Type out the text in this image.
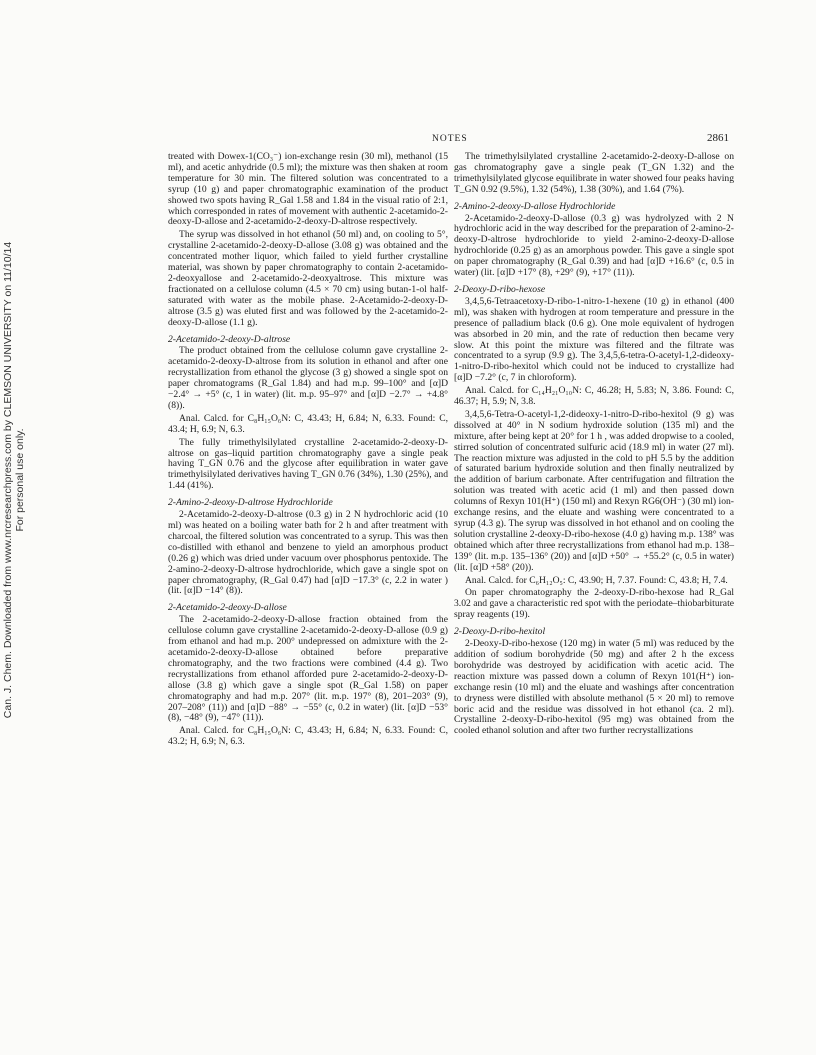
Can. J. Chem. Downloaded from www.nrcresearchpress.com by CLEMSON UNIVERSITY on 11/10/14 For personal use only.
NOTES	2861

treated with Dowex-1(CO₃⁻) ion-exchange resin (30 ml), methanol (15 ml), and acetic anhydride (0.5 ml); the mixture was then shaken at room temperature for 30 min. The filtered solution was concentrated to a syrup (10 g) and paper chromatographic examination of the product showed two spots having R_Gal 1.58 and 1.84 in the visual ratio of 2:1, which corresponded in rates of movement with authentic 2-acetamido-2-deoxy-D-allose and 2-acetamido-2-deoxy-D-altrose respectively.

The syrup was dissolved in hot ethanol (50 ml) and, on cooling to 5°, crystalline 2-acetamido-2-deoxy-D-allose (3.08 g) was obtained and the concentrated mother liquor, which failed to yield further crystalline material, was shown by paper chromatography to contain 2-acetamido-2-deoxyallose and 2-acetamido-2-deoxyaltrose. This mixture was fractionated on a cellulose column (4.5 × 70 cm) using butan-1-ol half-saturated with water as the mobile phase. 2-Acetamido-2-deoxy-D-altrose (3.5 g) was eluted first and was followed by the 2-acetamido-2-deoxy-D-allose (1.1 g).

2-Acetamido-2-deoxy-D-altrose

The product obtained from the cellulose column gave crystalline 2-acetamido-2-deoxy-D-altrose from its solution in ethanol and after one recrystallization from ethanol the glycose (3 g) showed a single spot on paper chromatograms (R_Gal 1.84) and had m.p. 99–100° and [α]D −2.4° → +5° (c, 1 in water) (lit. m.p. 95–97° and [α]D −2.7° → +4.8°(8)).

Anal. Calcd. for C₈H₁₅O₆N: C, 43.43; H, 6.84; N, 6.33. Found: C, 43.4; H, 6.9; N, 6.3.

The fully trimethylsilylated crystalline 2-acetamido-2-deoxy-D-altrose on gas–liquid partition chromatography gave a single peak having T_GN 0.76 and the glycose after equilibration in water gave trimethylsilylated derivatives having T_GN 0.76 (34%), 1.30 (25%), and 1.44 (41%).

2-Amino-2-deoxy-D-altrose Hydrochloride

2-Acetamido-2-deoxy-D-altrose (0.3 g) in 2 N hydrochloric acid (10 ml) was heated on a boiling water bath for 2 h and after treatment with charcoal, the filtered solution was concentrated to a syrup. This was then co-distilled with ethanol and benzene to yield an amorphous product (0.26 g) which was dried under vacuum over phosphorus pentoxide. The 2-amino-2-deoxy-D-altrose hydrochloride, which gave a single spot on paper chromatography, (R_Gal 0.47) had [α]D −17.3° (c, 2.2 in water ) (lit. [α]D −14° (8)).

2-Acetamido-2-deoxy-D-allose

The 2-acetamido-2-deoxy-D-allose fraction obtained from the cellulose column gave crystalline 2-acetamido-2-deoxy-D-allose (0.9 g) from ethanol and had m.p. 200° undepressed on admixture with the 2-acetamido-2-deoxy-D-allose obtained before preparative chromatography, and the two fractions were combined (4.4 g). Two recrystallizations from ethanol afforded pure 2-acetamido-2-deoxy-D-allose (3.8 g) which gave a single spot (R_Gal 1.58) on paper chromatography and had m.p. 207° (lit. m.p. 197° (8), 201–203° (9), 207–208° (11)) and [α]D −88° → −55° (c, 0.2 in water) (lit. [α]D −53° (8), −48° (9), −47° (11)).

Anal. Calcd. for C₈H₁₅O₆N: C, 43.43; H, 6.84; N, 6.33. Found: C, 43.2; H, 6.9; N, 6.3.

The trimethylsilylated crystalline 2-acetamido-2-deoxy-D-allose on gas chromatography gave a single peak (T_GN 1.32) and the trimethylsilylated glycose equilibrate in water showed four peaks having T_GN 0.92 (9.5%), 1.32 (54%), 1.38 (30%), and 1.64 (7%).

2-Amino-2-deoxy-D-allose Hydrochloride

2-Acetamido-2-deoxy-D-allose (0.3 g) was hydrolyzed with 2 N hydrochloric acid in the way described for the preparation of 2-amino-2-deoxy-D-altrose hydrochloride to yield 2-amino-2-deoxy-D-allose hydrochloride (0.25 g) as an amorphous powder. This gave a single spot on paper chromatography (R_Gal 0.39) and had [α]D +16.6° (c, 0.5 in water) (lit. [α]D +17° (8), +29° (9), +17° (11)).

2-Deoxy-D-ribo-hexose

3,4,5,6-Tetraacetoxy-D-ribo-1-nitro-1-hexene (10 g) in ethanol (400 ml), was shaken with hydrogen at room temperature and pressure in the presence of palladium black (0.6 g). One mole equivalent of hydrogen was absorbed in 20 min, and the rate of reduction then became very slow. At this point the mixture was filtered and the filtrate was concentrated to a syrup (9.9 g). The 3,4,5,6-tetra-O-acetyl-1,2-dideoxy-1-nitro-D-ribo-hexitol which could not be induced to crystallize had [α]D −7.2° (c, 7 in chloroform).

Anal. Calcd. for C₁₄H₂₁O₁₀N: C, 46.28; H, 5.83; N, 3.86. Found: C, 46.37; H, 5.9; N, 3.8.

3,4,5,6-Tetra-O-acetyl-1,2-dideoxy-1-nitro-D-ribo-hexitol (9 g) was dissolved at 40° in N sodium hydroxide solution (135 ml) and the mixture, after being kept at 20° for 1 h , was added dropwise to a cooled, stirred solution of concentrated sulfuric acid (18.9 ml) in water (27 ml). The reaction mixture was adjusted in the cold to pH 5.5 by the addition of saturated barium hydroxide solution and then finally neutralized by the addition of barium carbonate. After centrifugation and filtration the solution was treated with acetic acid (1 ml) and then passed down columns of Rexyn 101(H⁺) (150 ml) and Rexyn RG6(OH⁻) (30 ml) ion-exchange resins, and the eluate and washing were concentrated to a syrup (4.3 g). The syrup was dissolved in hot ethanol and on cooling the solution crystalline 2-deoxy-D-ribo-hexose (4.0 g) having m.p. 138° was obtained which after three recrystallizations from ethanol had m.p. 138–139° (lit. m.p. 135–136° (20)) and [α]D +50° → +55.2° (c, 0.5 in water) (lit. [α]D +58° (20)).

Anal. Calcd. for C₆H₁₂O₅: C, 43.90; H, 7.37. Found: C, 43.8; H, 7.4.

On paper chromatography the 2-deoxy-D-ribo-hexose had R_Gal 3.02 and gave a characteristic red spot with the periodate–thiobarbiturate spray reagents (19).

2-Deoxy-D-ribo-hexitol

2-Deoxy-D-ribo-hexose (120 mg) in water (5 ml) was reduced by the addition of sodium borohydride (50 mg) and after 2 h the excess borohydride was destroyed by acidification with acetic acid. The reaction mixture was passed down a column of Rexyn 101(H⁺) ion-exchange resin (10 ml) and the eluate and washings after concentration to dryness were distilled with absolute methanol (5 × 20 ml) to remove boric acid and the residue was dissolved in hot ethanol (ca. 2 ml). Crystalline 2-deoxy-D-ribo-hexitol (95 mg) was obtained from the cooled ethanol solution and after two further recrystallizations
